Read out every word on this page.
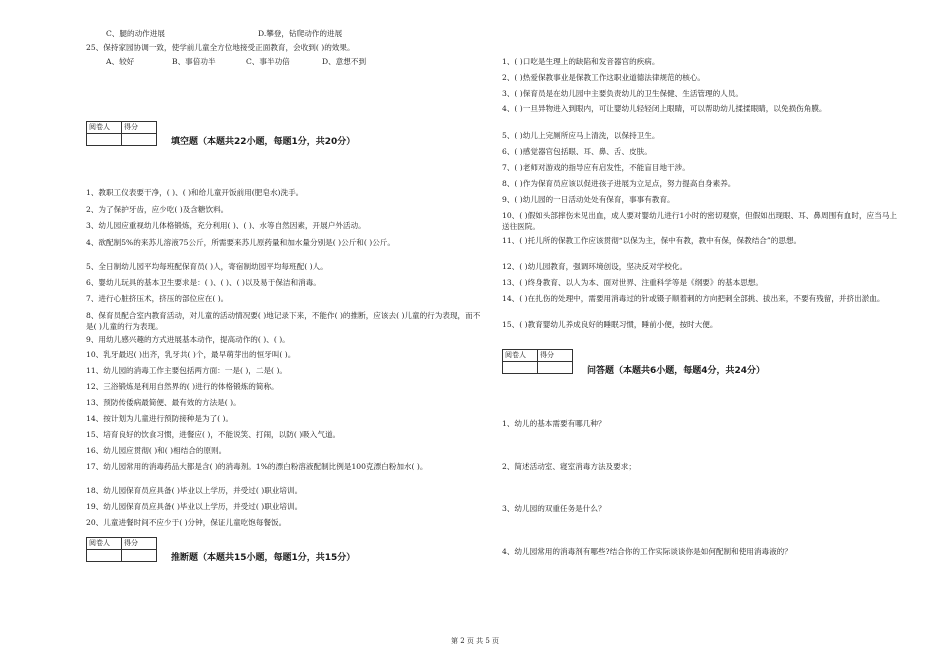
C、腿的动作进展	D.攀登，钻爬动作的进展
25、保持家园协调一致，使学前儿童全方位地接受正面教育，会收到( )的效果。
A、较好	B、事倍功半	C、事半功倍	D、意想不到
阅卷人	得分

填空题（本题共22小题，每题1分，共20分）
1、教职工仪表要干净，( )、( )和给儿童开饭前用(肥皂水)洗手。
2、为了保护牙齿，应少吃( )及含糖饮料。
3、幼儿园应重视幼儿体格锻炼，充分利用( )、( )、水等自然因素，开展户外活动。
4、欲配制5%的来苏儿溶液75公斤，所需要来苏儿原药量和加水量分别是( )公斤和( )公斤。
5、全日制幼儿园平均每班配保育员( )人，寄宿制幼园平均每班配( )人。
6、婴幼儿玩具的基本卫生要求是：( )、( )、( )以及易于保洁和消毒。
7、进行心脏挤压术，挤压的部位应在( )。
8、保育员配合室内教育活动，对儿童的活动情况要( )地记录下来，不能作( )的推断，应该去( )儿童的行为表现，而不是( )儿童的行为表现。
9、用幼儿感兴趣的方式进展基本动作，提高动作的( )、( )。
10、乳牙最迟( )出齐，乳牙共( )个，最早萌芽出的恒牙叫( )。
11、幼儿园的消毒工作主要包括两方面：一是( )，二是( )。
12、三浴锻炼是利用自然界的( )进行的体格锻炼的简称。
13、预防传倭病最简便、最有效的方法是( )。
14、按计划为儿童进行预防接种是为了( )。
15、培育良好的饮食习惯，进餐应( )，不能说笑、打闹，以防( )吸入气道。
16、幼儿园应贯彻( )和( )相结合的原则。
17、幼儿园常用的消毒药品大都是含( )的消毒剂。1%的漂白粉溶液配制比例是100克漂白粉加水( )。
18、幼儿园保育员应具备( )毕业以上学历，并受过( )职业培训。
19、幼儿园保育员应具备( )毕业以上学历，并受过( )职业培训。
20、儿童进餐时间不应少于( )分钟，保证儿童吃饱每餐饭。
阅卷人	得分

推断题（本题共15小题，每题1分，共15分）
1、( )口吃是生理上的缺陷和发音器官的疾病。
2、( )热爱保教事业是保教工作这职业道德法律规范的核心。
3、( )保育员是在幼儿园中主要负责幼儿的卫生保健、生活管理的人员。
4、( )一旦异物进入到眼内，可让婴幼儿轻轻闭上眼睛，可以帮助幼儿揉揉眼睛，以免损伤角膜。
5、( )幼儿上完厕所应马上清洗，以保持卫生。
6、( )感觉器官包括眼、耳、鼻、舌、皮肤。
7、( )老师对游戏的指导应有启发性，不能盲目地干涉。
8、( )作为保育员应该以促进孩子进展为立足点，努力提高自身素养。
9、( )幼儿园的一日活动处处有保育，事事有教育。
10、( )假如头部摔伤未见出血，成人要对婴幼儿进行1小时的密切观察，但假如出现眼、耳、鼻周围有血时，应当马上送往医院。
11、( )托儿所的保教工作应该贯彻“以保为主，保中有教，教中有保，保教结合”的思想。
12、( )幼儿园教育，强调环境创设，坚决反对学校化。
13、( )终身教育、以人为本、面对世界、注重科学等是《纲要》的基本思想。
14、( )在扎伤的处理中，需要用消毒过的针或镊子顺着刺的方向把刺全部挑、拔出来，不要有残留，并挤出淤血。
15、( )教育婴幼儿养成良好的睡眠习惯，睡前小便，按时大便。
阅卷人	得分

问答题（本题共6小题，每题4分，共24分）
1、幼儿的基本需要有哪几种？
2、简述活动室、寝室消毒方法及要求；
3、幼儿园的双重任务是什么？
4、幼儿园常用的消毒剂有哪些?结合你的工作实际谈谈你是如何配制和使用消毒液的？
第 2 页 共 5 页
